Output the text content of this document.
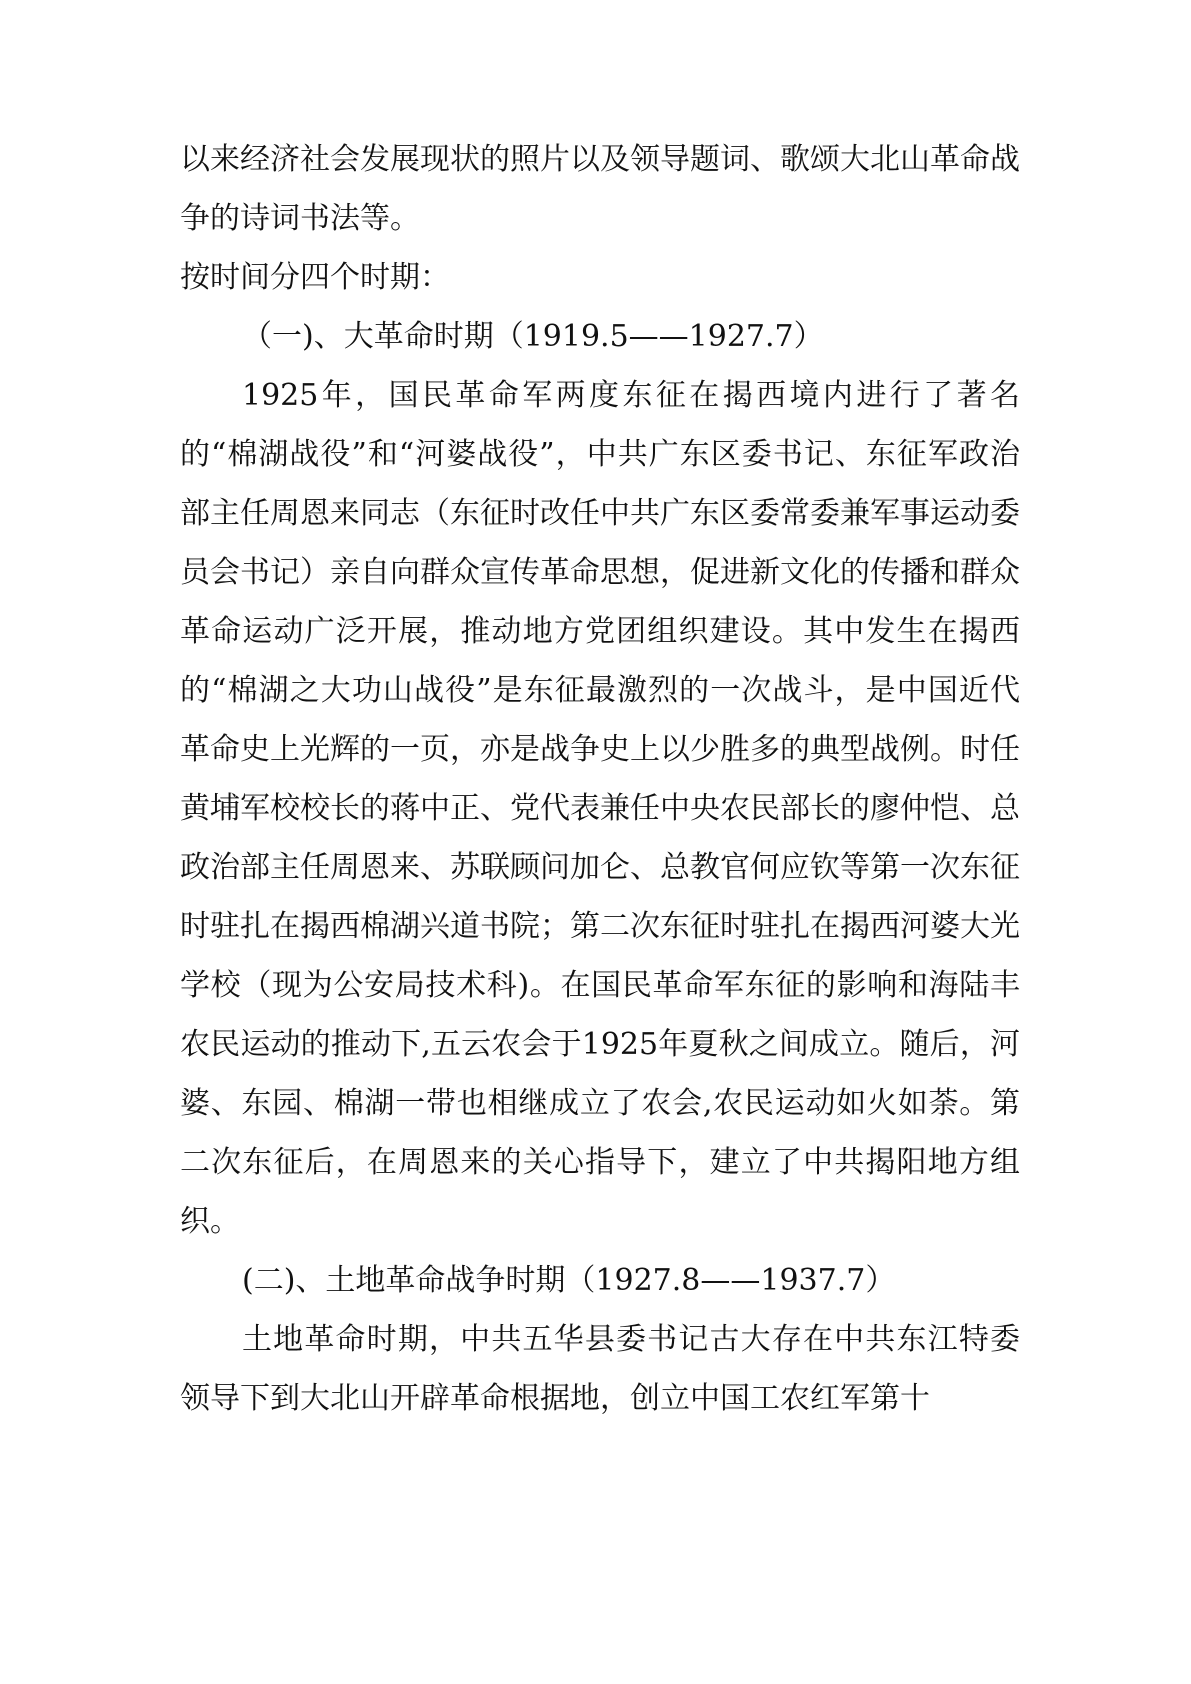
以来经济社会发展现状的照片以及领导题词、歌颂大北山革命战争的诗词书法等。

按时间分四个时期：

（一)、大革命时期（1919.5——1927.7）

1925年，国民革命军两度东征在揭西境内进行了著名的“棉湖战役”和“河婆战役”，中共广东区委书记、东征军政治部主任周恩来同志（东征时改任中共广东区委常委兼军事运动委员会书记）亲自向群众宣传革命思想，促进新文化的传播和群众革命运动广泛开展，推动地方党团组织建设。其中发生在揭西的“棉湖之大功山战役”是东征最激烈的一次战斗，是中国近代革命史上光辉的一页，亦是战争史上以少胜多的典型战例。时任黄埔军校校长的蒋中正、党代表兼任中央农民部长的廖仲恺、总政治部主任周恩来、苏联顾问加仑、总教官何应钦等第一次东征时驻扎在揭西棉湖兴道书院；第二次东征时驻扎在揭西河婆大光学校（现为公安局技术科)。在国民革命军东征的影响和海陆丰农民运动的推动下,五云农会于1925年夏秋之间成立。随后，河婆、东园、棉湖一带也相继成立了农会,农民运动如火如荼。第二次东征后，在周恩来的关心指导下，建立了中共揭阳地方组织。

(二)、土地革命战争时期（1927.8——1937.7）

土地革命时期，中共五华县委书记古大存在中共东江特委领导下到大北山开辟革命根据地，创立中国工农红军第十
